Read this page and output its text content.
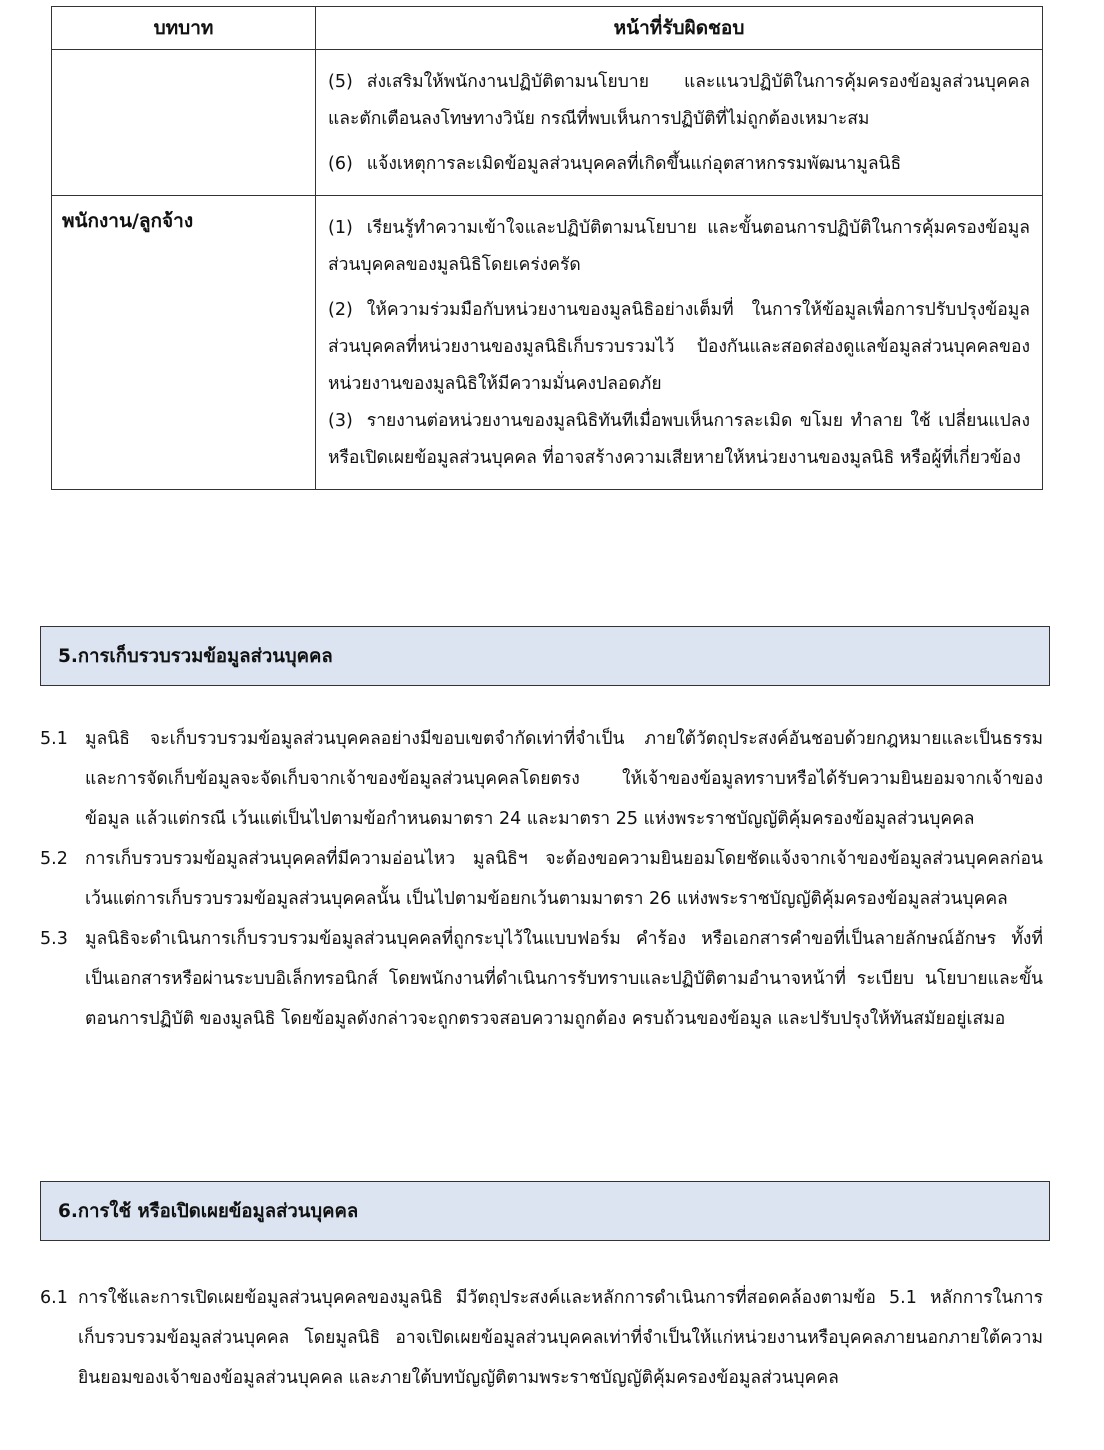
บทบาท	หน้าที่รับผิดชอบ

	(5) ส่งเสริมให้พนักงานปฏิบัติตามนโยบาย และแนวปฏิบัติในการคุ้มครองข้อมูลส่วนบุคคล และตักเตือนลงโทษทางวินัย กรณีที่พบเห็นการปฏิบัติที่ไม่ถูกต้องเหมาะสม

(6) แจ้งเหตุการละเมิดข้อมูลส่วนบุคคลที่เกิดขึ้นแก่อุตสาหกรรมพัฒนามูลนิธิ

พนักงาน/ลูกจ้าง	(1) เรียนรู้ทำความเข้าใจและปฏิบัติตามนโยบาย และขั้นตอนการปฏิบัติในการคุ้มครองข้อมูลส่วนบุคคลของมูลนิธิโดยเคร่งครัด

(2) ให้ความร่วมมือกับหน่วยงานของมูลนิธิอย่างเต็มที่ ในการให้ข้อมูลเพื่อการปรับปรุงข้อมูลส่วนบุคคลที่หน่วยงานของมูลนิธิเก็บรวบรวมไว้ ป้องกันและสอดส่องดูแลข้อมูลส่วนบุคคลของหน่วยงานของมูลนิธิให้มีความมั่นคงปลอดภัย

(3) รายงานต่อหน่วยงานของมูลนิธิทันทีเมื่อพบเห็นการละเมิด ขโมย ทำลาย ใช้ เปลี่ยนแปลง หรือเปิดเผยข้อมูลส่วนบุคคล ที่อาจสร้างความเสียหายให้หน่วยงานของมูลนิธิ หรือผู้ที่เกี่ยวข้อง

5.การเก็บรวบรวมข้อมูลส่วนบุคคล
5.1 มูลนิธิ จะเก็บรวบรวมข้อมูลส่วนบุคคลอย่างมีขอบเขตจำกัดเท่าที่จำเป็น ภายใต้วัตถุประสงค์อันชอบด้วยกฎหมายและเป็นธรรม และการจัดเก็บข้อมูลจะจัดเก็บจากเจ้าของข้อมูลส่วนบุคคลโดยตรง ให้เจ้าของข้อมูลทราบหรือได้รับความยินยอมจากเจ้าของข้อมูล แล้วแต่กรณี เว้นแต่เป็นไปตามข้อกำหนดมาตรา 24 และมาตรา 25 แห่งพระราชบัญญัติคุ้มครองข้อมูลส่วนบุคคล
5.2 การเก็บรวบรวมข้อมูลส่วนบุคคลที่มีความอ่อนไหว มูลนิธิฯ จะต้องขอความยินยอมโดยชัดแจ้งจากเจ้าของข้อมูลส่วนบุคคลก่อน เว้นแต่การเก็บรวบรวมข้อมูลส่วนบุคคลนั้น เป็นไปตามข้อยกเว้นตามมาตรา 26 แห่งพระราชบัญญัติคุ้มครองข้อมูลส่วนบุคคล
5.3 มูลนิธิจะดำเนินการเก็บรวบรวมข้อมูลส่วนบุคคลที่ถูกระบุไว้ในแบบฟอร์ม คำร้อง หรือเอกสารคำขอที่เป็นลายลักษณ์อักษร ทั้งที่เป็นเอกสารหรือผ่านระบบอิเล็กทรอนิกส์ โดยพนักงานที่ดำเนินการรับทราบและปฏิบัติตามอำนาจหน้าที่ ระเบียบ นโยบายและขั้นตอนการปฏิบัติ ของมูลนิธิ โดยข้อมูลดังกล่าวจะถูกตรวจสอบความถูกต้อง ครบถ้วนของข้อมูล และปรับปรุงให้ทันสมัยอยู่เสมอ
6.การใช้ หรือเปิดเผยข้อมูลส่วนบุคคล
6.1 การใช้และการเปิดเผยข้อมูลส่วนบุคคลของมูลนิธิ มีวัตถุประสงค์และหลักการดำเนินการที่สอดคล้องตามข้อ 5.1 หลักการในการเก็บรวบรวมข้อมูลส่วนบุคคล โดยมูลนิธิ อาจเปิดเผยข้อมูลส่วนบุคคลเท่าที่จำเป็นให้แก่หน่วยงานหรือบุคคลภายนอกภายใต้ความยินยอมของเจ้าของข้อมูลส่วนบุคคล และภายใต้บทบัญญัติตามพระราชบัญญัติคุ้มครองข้อมูลส่วนบุคคล
